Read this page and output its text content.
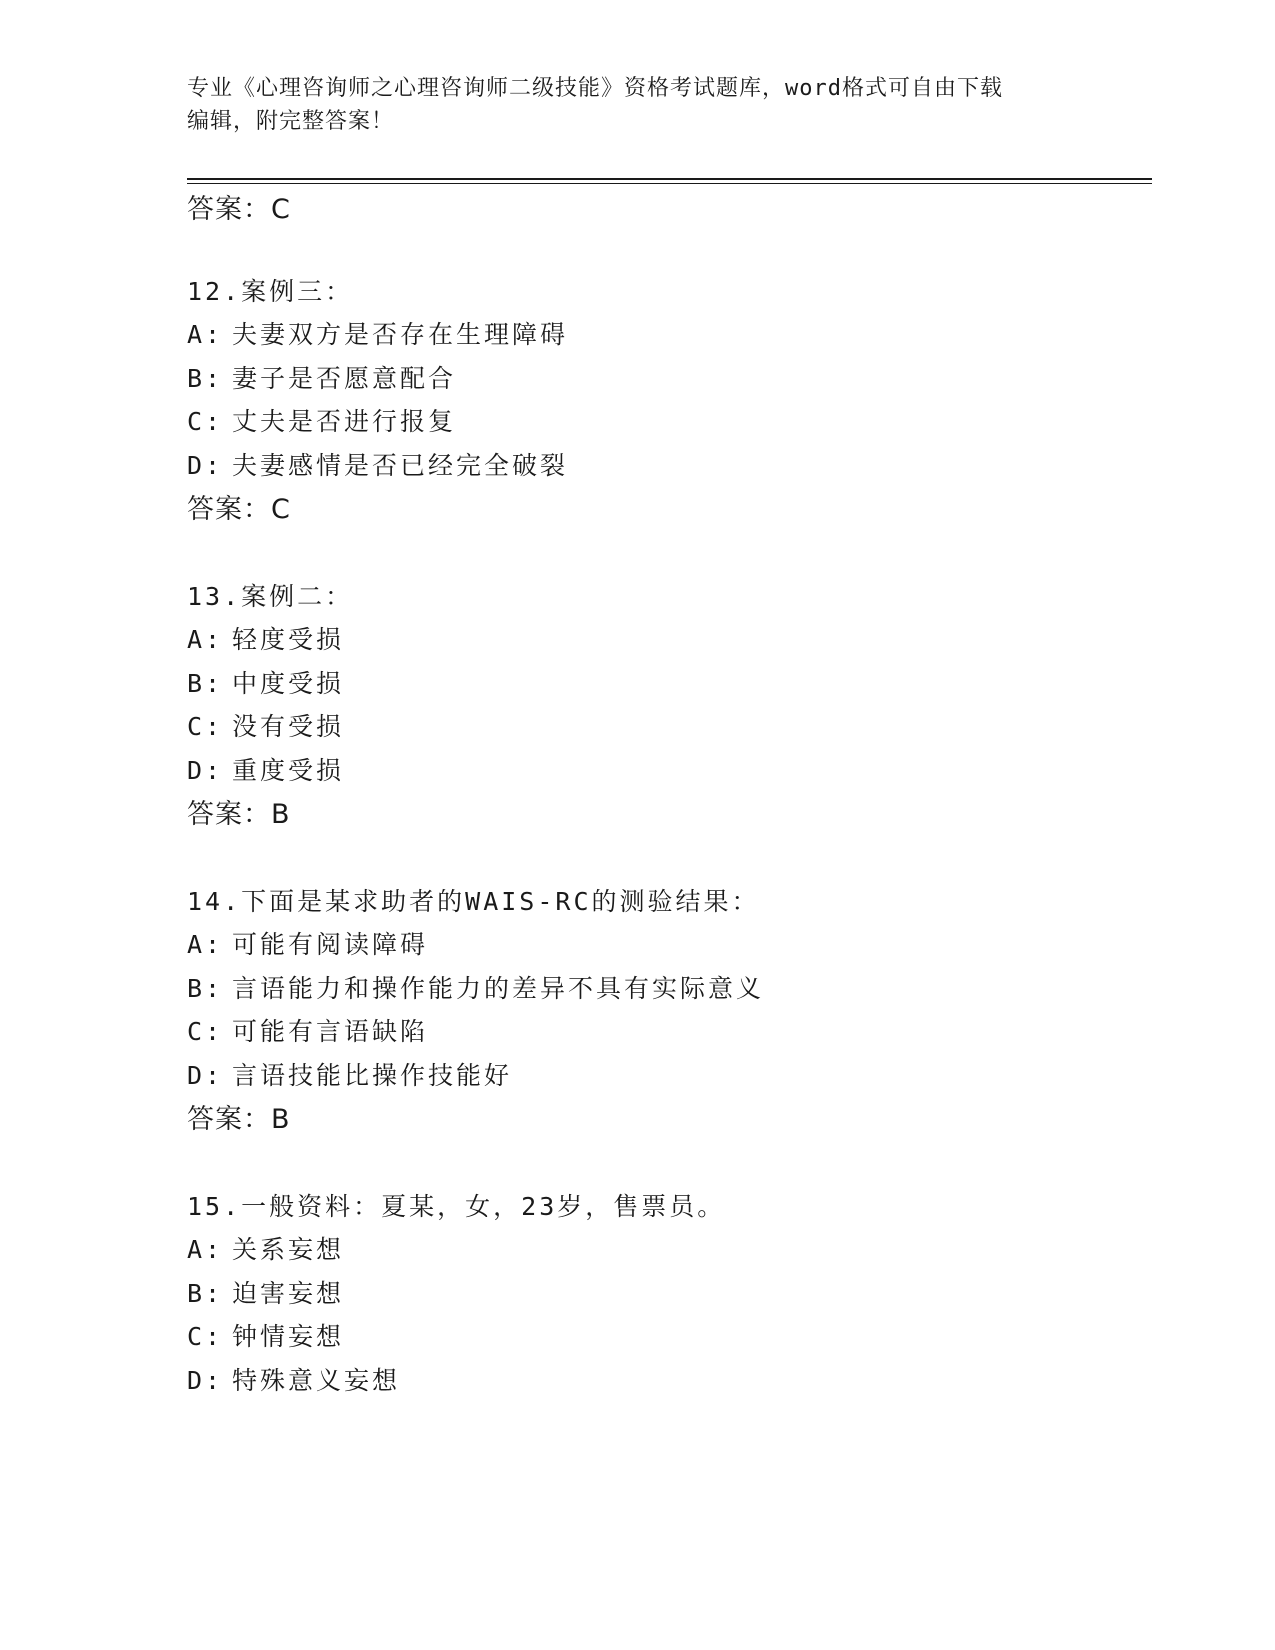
专业《心理咨询师之心理咨询师二级技能》资格考试题库，word格式可自由下载
编辑，附完整答案！
答案：C
12.案例三：
A: 夫妻双方是否存在生理障碍
B: 妻子是否愿意配合
C: 丈夫是否进行报复
D: 夫妻感情是否已经完全破裂
答案：C
13.案例二：
A: 轻度受损
B: 中度受损
C: 没有受损
D: 重度受损
答案：B
14.下面是某求助者的WAIS-RC的测验结果：
A: 可能有阅读障碍
B: 言语能力和操作能力的差异不具有实际意义
C: 可能有言语缺陷
D: 言语技能比操作技能好
答案：B
15.一般资料：夏某，女，23岁，售票员。
A: 关系妄想
B: 迫害妄想
C: 钟情妄想
D: 特殊意义妄想
